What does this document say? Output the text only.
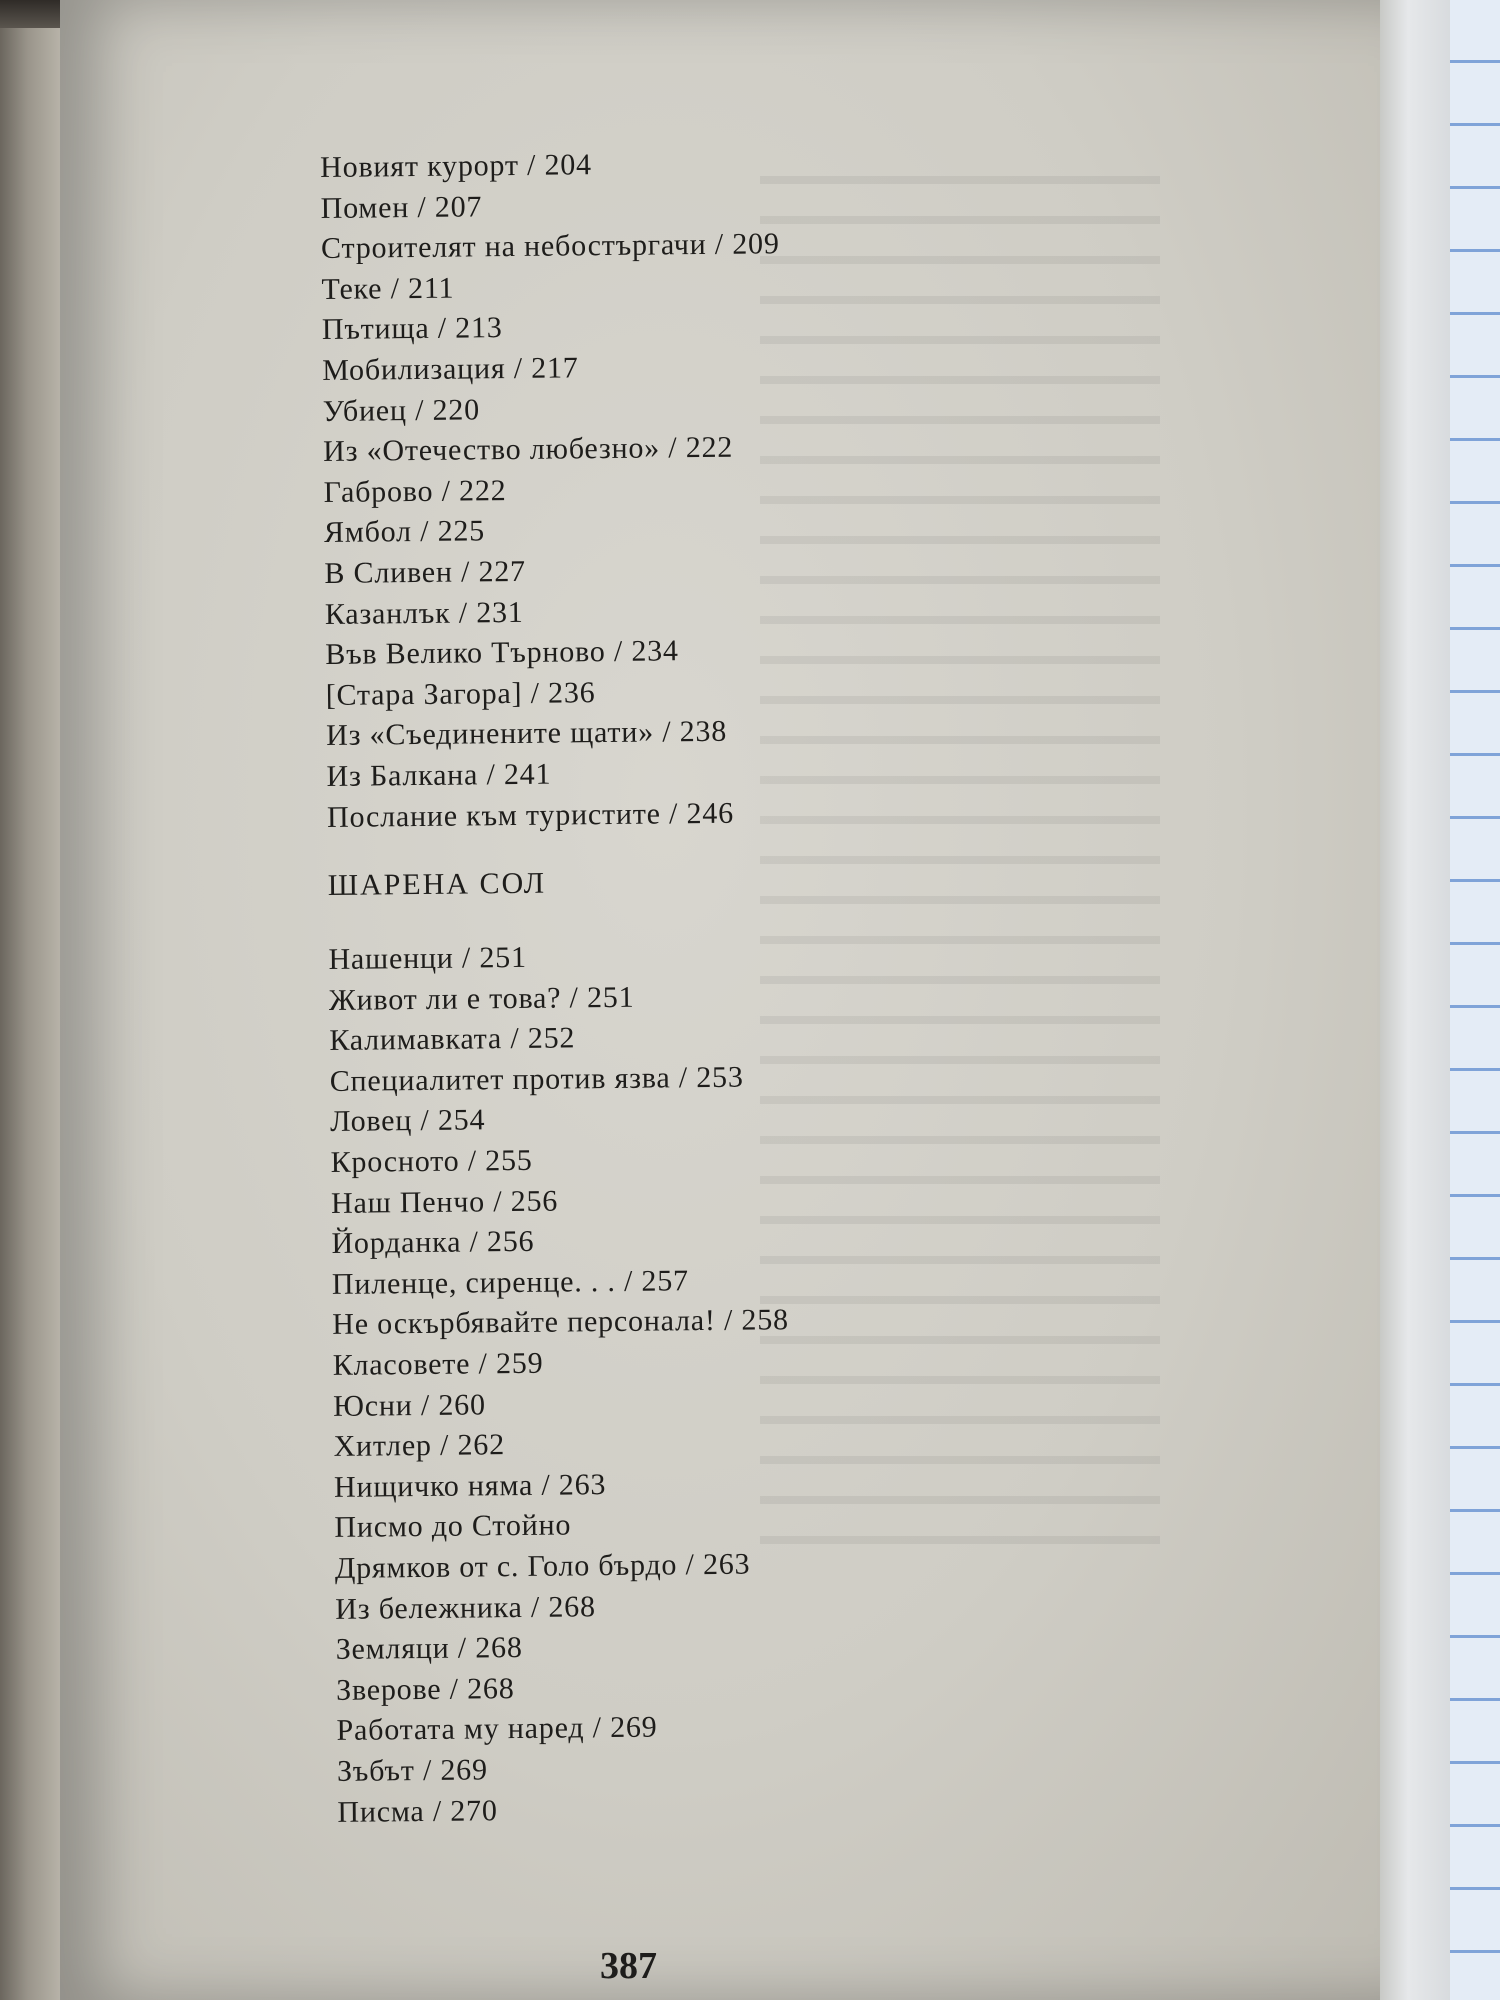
Новият курорт / 204
Помен / 207
Строителят на небостъргачи / 209
Теке / 211
Пътища / 213
Мобилизация / 217
Убиец / 220
Из «Отечество любезно» / 222
Габрово / 222
Ямбол / 225
В Сливен / 227
Казанлък / 231
Във Велико Търново / 234
[Стара Загора] / 236
Из «Съединените щати» / 238
Из Балкана / 241
Послание към туристите / 246
ШАРЕНА СОЛ
Нашенци / 251
Живот ли е това? / 251
Калимавката / 252
Специалитет против язва / 253
Ловец / 254
Кросното / 255
Наш Пенчо / 256
Йорданка / 256
Пиленце, сиренце. . . / 257
Не оскърбявайте персонала! / 258
Класовете / 259
Юсни / 260
Хитлер / 262
Нищичко няма / 263
Писмо до Стойно
Дрямков от с. Голо бърдо / 263
Из бележника / 268
Земляци / 268
Зверове / 268
Работата му наред / 269
Зъбът / 269
Писма / 270
387
